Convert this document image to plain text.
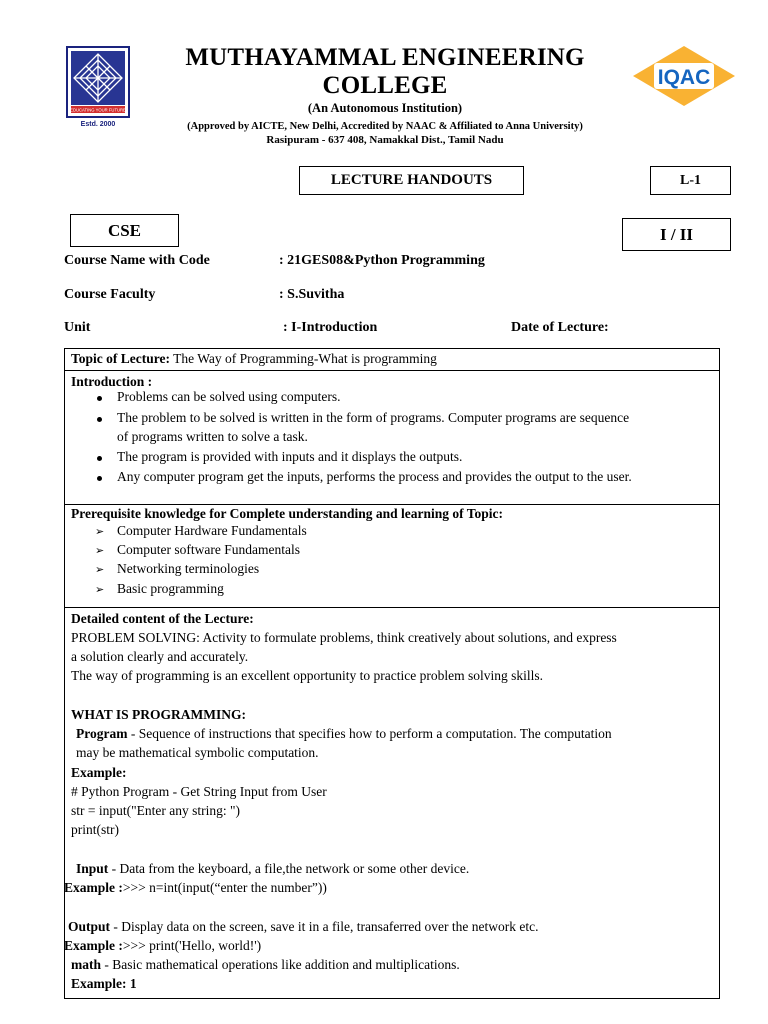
EDUCATING YOUR FUTURE
Estd. 2000
IQAC
MUTHAYAMMAL ENGINEERING
COLLEGE
(An Autonomous Institution)
(Approved by AICTE, New Delhi, Accredited by NAAC & Affiliated to Anna University)
Rasipuram - 637 408, Namakkal Dist., Tamil Nadu
LECTURE HANDOUTS	L-1
CSE	I / II
Course Name with Code	: 21GES08&Python Programming
Course Faculty	: S.Suvitha
Unit	: I-Introduction	Date of Lecture:
Topic of Lecture: The Way of Programming-What is programming
Introduction :
Problems can be solved using computers.
The problem to be solved is written in the form of programs. Computer programs are sequence
of programs written to solve a task.
The program is provided with inputs and it displays the outputs.
Any computer program get the inputs, performs the process and provides the output to the user.
Prerequisite knowledge for Complete understanding and learning of Topic:
➢ Computer Hardware Fundamentals
➢ Computer software Fundamentals
➢ Networking terminologies
➢ Basic programming
Detailed content of the Lecture:
PROBLEM SOLVING: Activity to formulate problems, think creatively about solutions, and express
a solution clearly and accurately.
The way of programming is an excellent opportunity to practice problem solving skills.
WHAT IS PROGRAMMING:
Program - Sequence of instructions that specifies how to perform a computation. The computation
may be mathematical symbolic computation.
Example:
# Python Program - Get String Input from User
str = input("Enter any string: ")
print(str)
Input - Data from the keyboard, a file,the network or some other device.
Example :>>> n=int(input(“enter the number”))
Output - Display data on the screen, save it in a file, transaferred over the network etc.
Example :>>> print('Hello, world!')
math - Basic mathematical operations like addition and multiplications.
Example: 1
